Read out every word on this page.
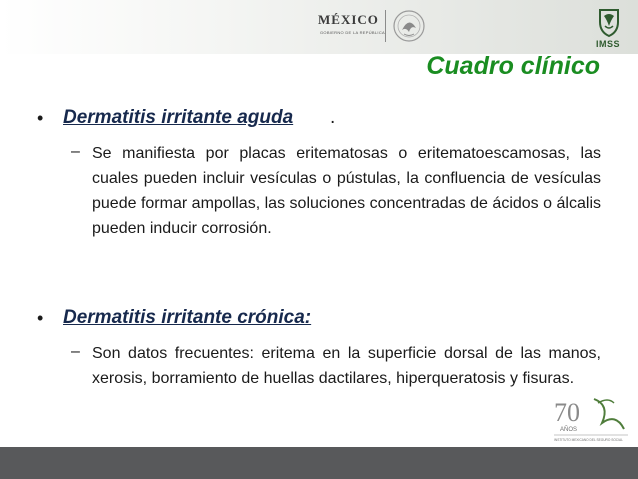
MÉXICO
GOBIERNO DE LA REPÚBLICA
IMSS
Cuadro clínico
• Dermatitis irritante aguda .
– Se manifiesta por placas eritematosas o eritematoescamosas, las cuales pueden incluir vesículas o pústulas, la confluencia de vesículas puede formar ampollas, las soluciones concentradas de ácidos o álcalis pueden inducir corrosión.

• Dermatitis irritante crónica:
– Son datos frecuentes: eritema en la superficie dorsal de las manos, xerosis, borramiento de huellas dactilares, hiperqueratosis y fisuras.

70
AÑOS
INSTITUTO MEXICANO DEL SEGURO SOCIAL
